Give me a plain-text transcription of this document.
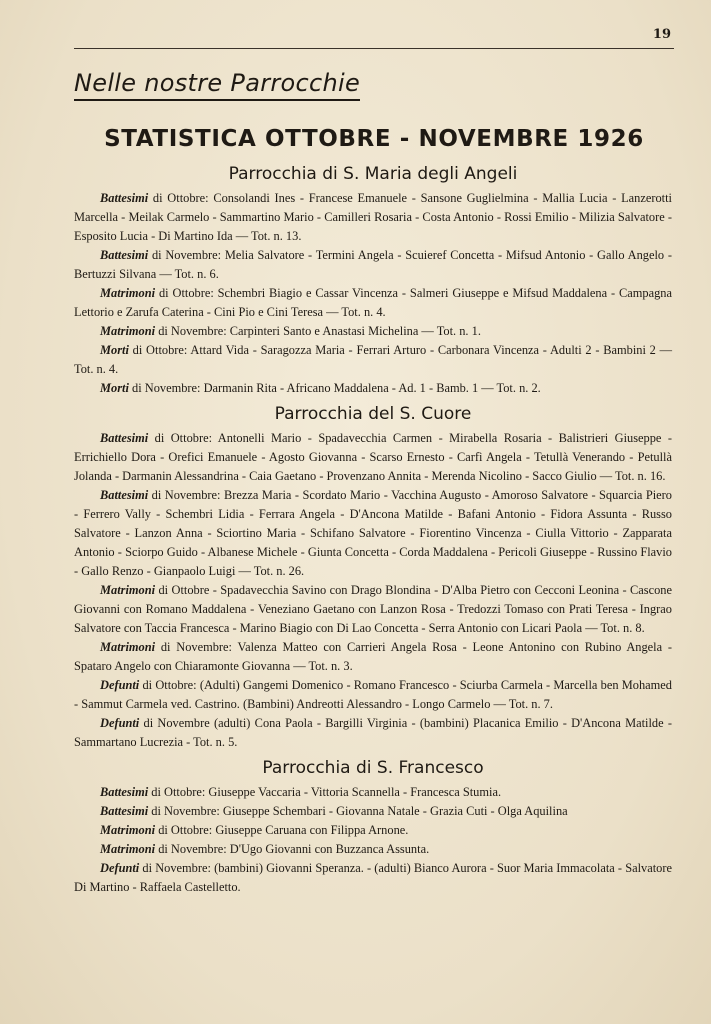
19
Nelle nostre Parrocchie
STATISTICA OTTOBRE - NOVEMBRE 1926
Parrocchia di S. Maria degli Angeli

Battesimi di Ottobre: Consolandi Ines - Francese Emanuele - Sansone Guglielmina - Mallia Lucia - Lanzerotti Marcella - Meilak Carmelo - Sammartino Mario - Camilleri Rosaria - Costa Antonio - Rossi Emilio - Milizia Salvatore - Esposito Lucia - Di Martino Ida — Tot. n. 13.

Battesimi di Novembre: Melia Salvatore - Termini Angela - Scuieref Concetta - Mifsud Antonio - Gallo Angelo - Bertuzzi Silvana — Tot. n. 6.

Matrimoni di Ottobre: Schembri Biagio e Cassar Vincenza - Salmeri Giuseppe e Mifsud Maddalena - Campagna Lettorio e Zarufa Caterina - Cini Pio e Cini Teresa — Tot. n. 4.

Matrimoni di Novembre: Carpinteri Santo e Anastasi Michelina — Tot. n. 1.

Morti di Ottobre: Attard Vida - Saragozza Maria - Ferrari Arturo - Carbonara Vincenza - Adulti 2 - Bambini 2 — Tot. n. 4.

Morti di Novembre: Darmanin Rita - Africano Maddalena - Ad. 1 - Bamb. 1 — Tot. n. 2.

Parrocchia del S. Cuore

Battesimi di Ottobre: Antonelli Mario - Spadavecchia Carmen - Mirabella Rosaria - Balistrieri Giuseppe - Errichiello Dora - Orefici Emanuele - Agosto Giovanna - Scarso Ernesto - Carfì Angela - Tetullà Venerando - Petullà Jolanda - Darmanin Alessandrina - Caia Gaetano - Provenzano Annita - Merenda Nicolino - Sacco Giulio — Tot. n. 16.

Battesimi di Novembre: Brezza Maria - Scordato Mario - Vacchina Augusto - Amoroso Salvatore - Squarcia Piero - Ferrero Vally - Schembri Lidia - Ferrara Angela - D'Ancona Matilde - Bafani Antonio - Fidora Assunta - Russo Salvatore - Lanzon Anna - Sciortino Maria - Schifano Salvatore - Fiorentino Vincenza - Ciulla Vittorio - Zapparata Antonio - Sciorpo Guido - Albanese Michele - Giunta Concetta - Corda Maddalena - Pericoli Giuseppe - Russino Flavio - Gallo Renzo - Gianpaolo Luigi — Tot. n. 26.

Matrimoni di Ottobre - Spadavecchia Savino con Drago Blondina - D'Alba Pietro con Cecconi Leonina - Cascone Giovanni con Romano Maddalena - Veneziano Gaetano con Lanzon Rosa - Tredozzi Tomaso con Prati Teresa - Ingrao Salvatore con Taccia Francesca - Marino Biagio con Di Lao Concetta - Serra Antonio con Licari Paola — Tot. n. 8.

Matrimoni di Novembre: Valenza Matteo con Carrieri Angela Rosa - Leone Antonino con Rubino Angela - Spataro Angelo con Chiaramonte Giovanna — Tot. n. 3.

Defunti di Ottobre: (Adulti) Gangemi Domenico - Romano Francesco - Sciurba Carmela - Marcella ben Mohamed - Sammut Carmela ved. Castrino. (Bambini) Andreotti Alessandro - Longo Carmelo — Tot. n. 7.

Defunti di Novembre (adulti) Cona Paola - Bargilli Virginia - (bambini) Placanica Emilio - D'Ancona Matilde - Sammartano Lucrezia - Tot. n. 5.

Parrocchia di S. Francesco

Battesimi di Ottobre: Giuseppe Vaccaria - Vittoria Scannella - Francesca Stumia.

Battesimi di Novembre: Giuseppe Schembari - Giovanna Natale - Grazia Cuti - Olga Aquilina

Matrimoni di Ottobre: Giuseppe Caruana con Filippa Arnone.

Matrimoni di Novembre: D'Ugo Giovanni con Buzzanca Assunta.

Defunti di Novembre: (bambini) Giovanni Speranza. - (adulti) Bianco Aurora - Suor Maria Immacolata - Salvatore Di Martino - Raffaela Castelletto.
